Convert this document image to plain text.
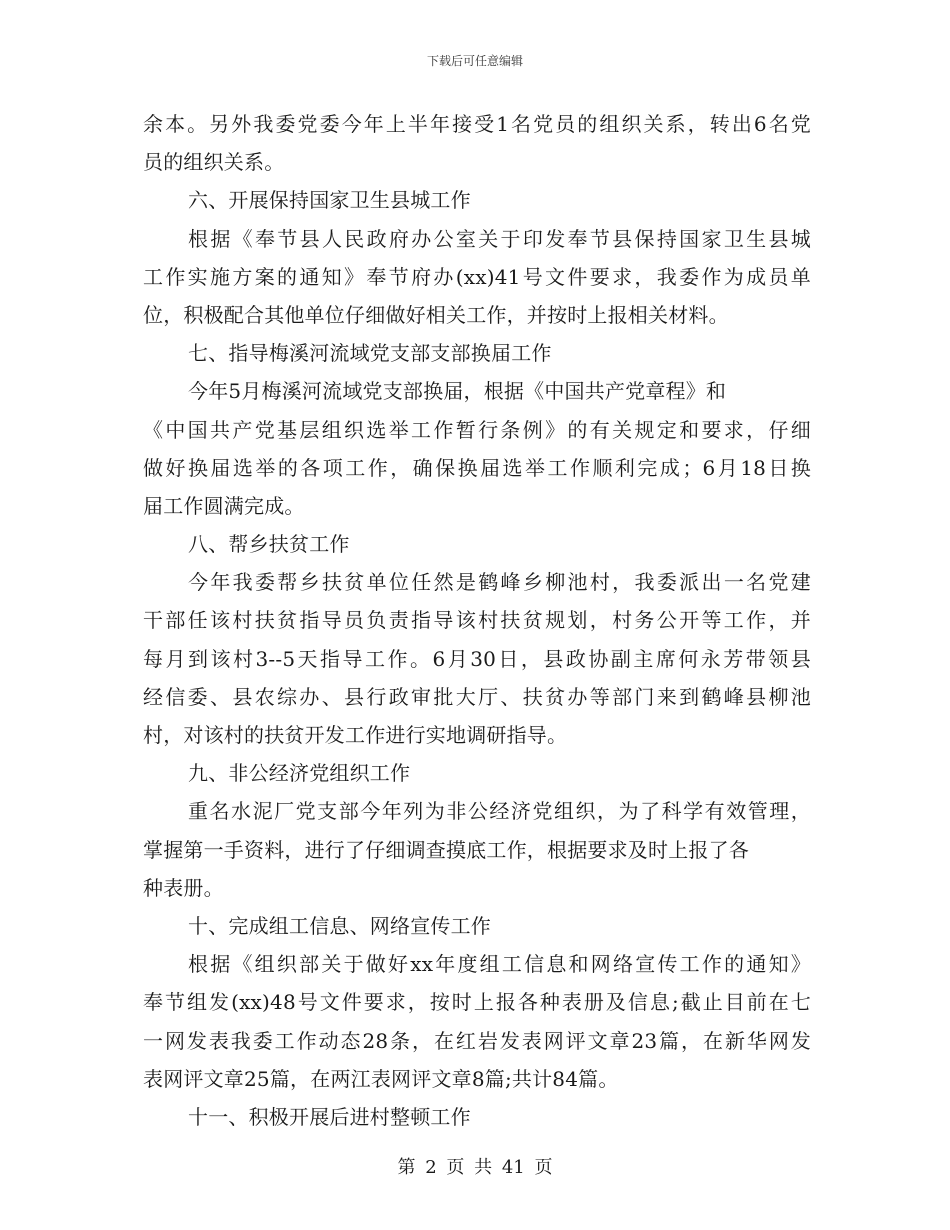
下载后可任意编辑
余本。另外我委党委今年上半年接受1名党员的组织关系，转出6名党
员的组织关系。
六、开展保持国家卫生县城工作
根据《奉节县人民政府办公室关于印发奉节县保持国家卫生县城
工作实施方案的通知》奉节府办(xx)41号文件要求，我委作为成员单
位，积极配合其他单位仔细做好相关工作，并按时上报相关材料。
七、指导梅溪河流域党支部支部换届工作
今年5月梅溪河流域党支部换届，根据《中国共产党章程》和
《中国共产党基层组织选举工作暂行条例》的有关规定和要求，仔细
做好换届选举的各项工作，确保换届选举工作顺利完成；6月18日换
届工作圆满完成。
八、帮乡扶贫工作
今年我委帮乡扶贫单位任然是鹤峰乡柳池村，我委派出一名党建
干部任该村扶贫指导员负责指导该村扶贫规划，村务公开等工作，并
每月到该村3--5天指导工作。6月30日，县政协副主席何永芳带领县
经信委、县农综办、县行政审批大厅、扶贫办等部门来到鹤峰县柳池
村，对该村的扶贫开发工作进行实地调研指导。
九、非公经济党组织工作
重名水泥厂党支部今年列为非公经济党组织，为了科学有效管理，
掌握第一手资料，进行了仔细调查摸底工作，根据要求及时上报了各
种表册。
十、完成组工信息、网络宣传工作
根据《组织部关于做好xx年度组工信息和网络宣传工作的通知》
奉节组发(xx)48号文件要求，按时上报各种表册及信息;截止目前在七
一网发表我委工作动态28条，在红岩发表网评文章23篇，在新华网发
表网评文章25篇，在两江表网评文章8篇;共计84篇。
十一、积极开展后进村整顿工作
第 2 页 共 41 页
